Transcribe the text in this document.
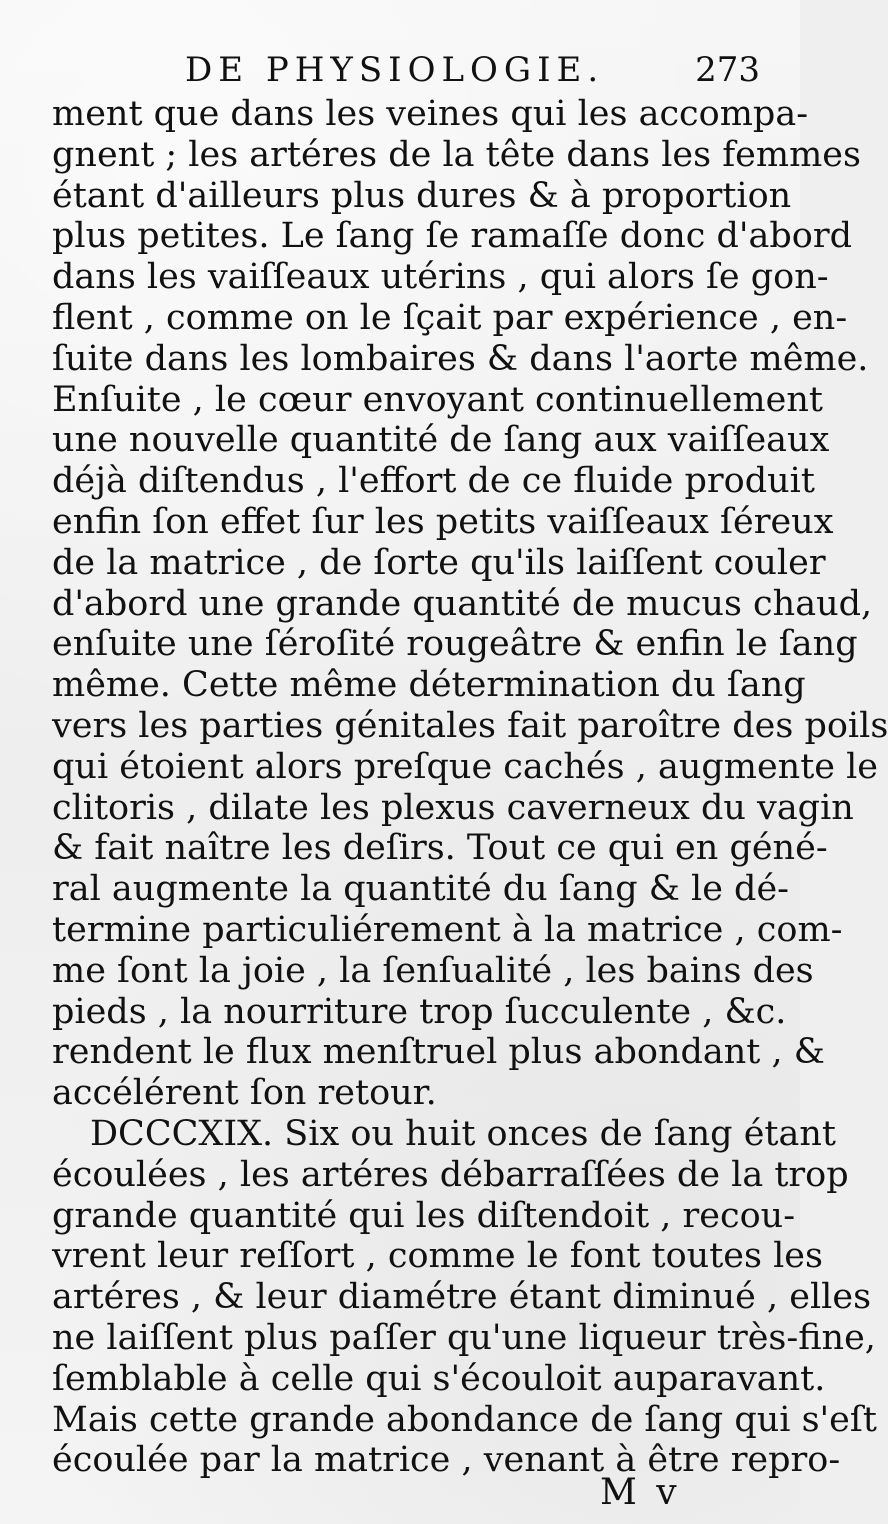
DE PHYSIOLOGIE.	273
ment que dans les veines qui les accompa-
gnent ; les artéres de la tête dans les femmes
étant d'ailleurs plus dures & à proportion
plus petites. Le ſang ſe ramaſſe donc d'abord
dans les vaiſſeaux utérins , qui alors ſe gon-
flent , comme on le ſçait par expérience , en-
ſuite dans les lombaires & dans l'aorte même.
Enſuite , le cœur envoyant continuellement
une nouvelle quantité de ſang aux vaiſſeaux
déjà diſtendus , l'effort de ce fluide produit
enfin ſon effet ſur les petits vaiſſeaux ſéreux
de la matrice , de ſorte qu'ils laiſſent couler
d'abord une grande quantité de mucus chaud,
enſuite une ſéroſité rougeâtre & enfin le ſang
même. Cette même détermination du ſang
vers les parties génitales fait paroître des poils
qui étoient alors preſque cachés , augmente le
clitoris , dilate les plexus caverneux du vagin
& fait naître les deſirs. Tout ce qui en géné-
ral augmente la quantité du ſang & le dé-
termine particuliérement à la matrice , com-
me ſont la joie , la ſenſualité , les bains des
pieds , la nourriture trop ſucculente , &c.
rendent le flux menſtruel plus abondant , &
accélérent ſon retour.
DCCCXIX. Six ou huit onces de ſang étant
écoulées , les artéres débarraſſées de la trop
grande quantité qui les diſtendoit , recou-
vrent leur reſſort , comme le font toutes les
artéres , & leur diamétre étant diminué , elles
ne laiſſent plus paſſer qu'une liqueur très-fine,
ſemblable à celle qui s'écouloit auparavant.
Mais cette grande abondance de ſang qui s'eſt
écoulée par la matrice , venant à être repro-
M v
